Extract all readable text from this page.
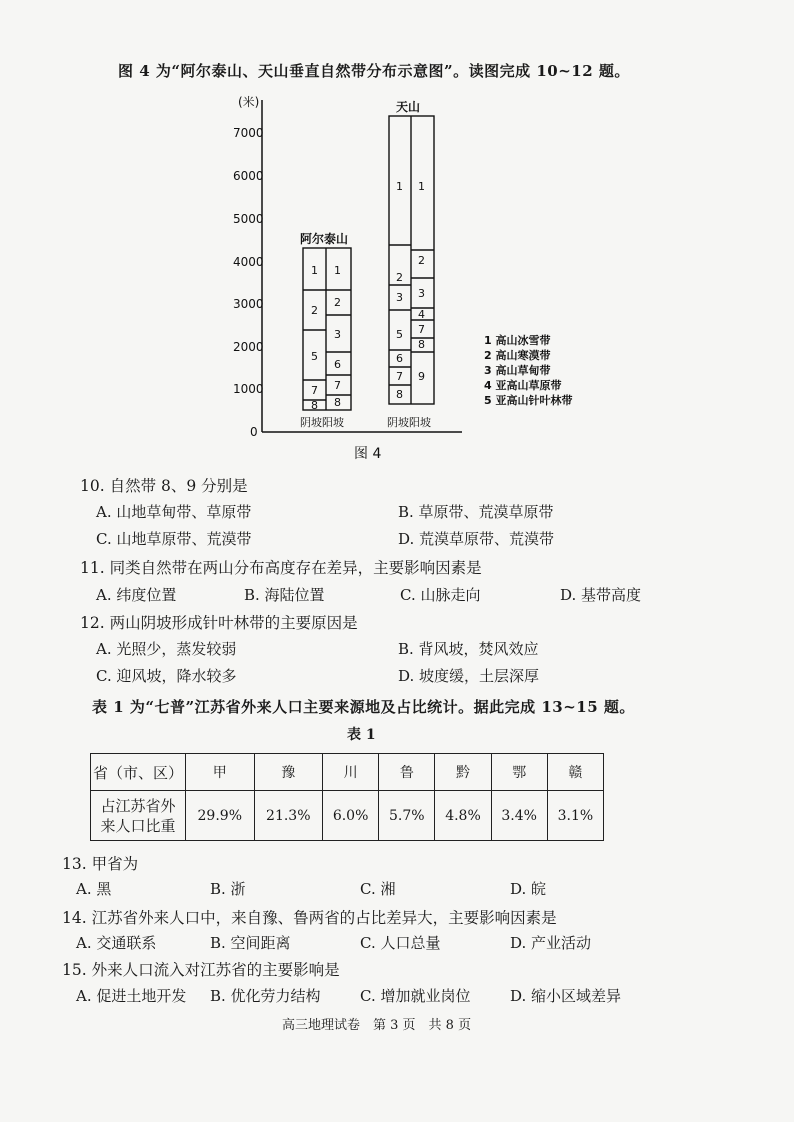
图 4 为“阿尔泰山、天山垂直自然带分布示意图”。读图完成 10~12 题。
(米)
7000
6000
5000
4000
3000
2000
1000
0
阿尔泰山
1
2
5
7
8
1
2
3
6
7
8
阴坡阳坡
天山
1
2
3
5
6
7
8
1
2
3
4
7
8
9
阴坡阳坡
1 高山冰雪带
2 高山寒漠带
3 高山草甸带
4 亚高山草原带
5 亚高山针叶林带
图 4
10. 自然带 8、9 分别是
A. 山地草甸带、草原带	B. 草原带、荒漠草原带
C. 山地草原带、荒漠带	D. 荒漠草原带、荒漠带
11. 同类自然带在两山分布高度存在差异，主要影响因素是
A. 纬度位置	B. 海陆位置	C. 山脉走向	D. 基带高度
12. 两山阴坡形成针叶林带的主要原因是
A. 光照少，蒸发较弱	B. 背风坡，焚风效应
C. 迎风坡，降水较多	D. 坡度缓，土层深厚
表 1 为“七普”江苏省外来人口主要来源地及占比统计。据此完成 13~15 题。
表 1
省（市、区）	甲	豫	川	鲁	黔	鄂	赣

占江苏省外
来人口比重	29.9%	21.3%	6.0%	5.7%	4.8%	3.4%	3.1%
13. 甲省为
A. 黑	B. 浙	C. 湘	D. 皖
14. 江苏省外来人口中，来自豫、鲁两省的占比差异大，主要影响因素是
A. 交通联系	B. 空间距离	C. 人口总量	D. 产业活动
15. 外来人口流入对江苏省的主要影响是
A. 促进土地开发 B. 优化劳力结构	C. 增加就业岗位	D. 缩小区域差异
高三地理试卷　第 3 页　共 8 页
